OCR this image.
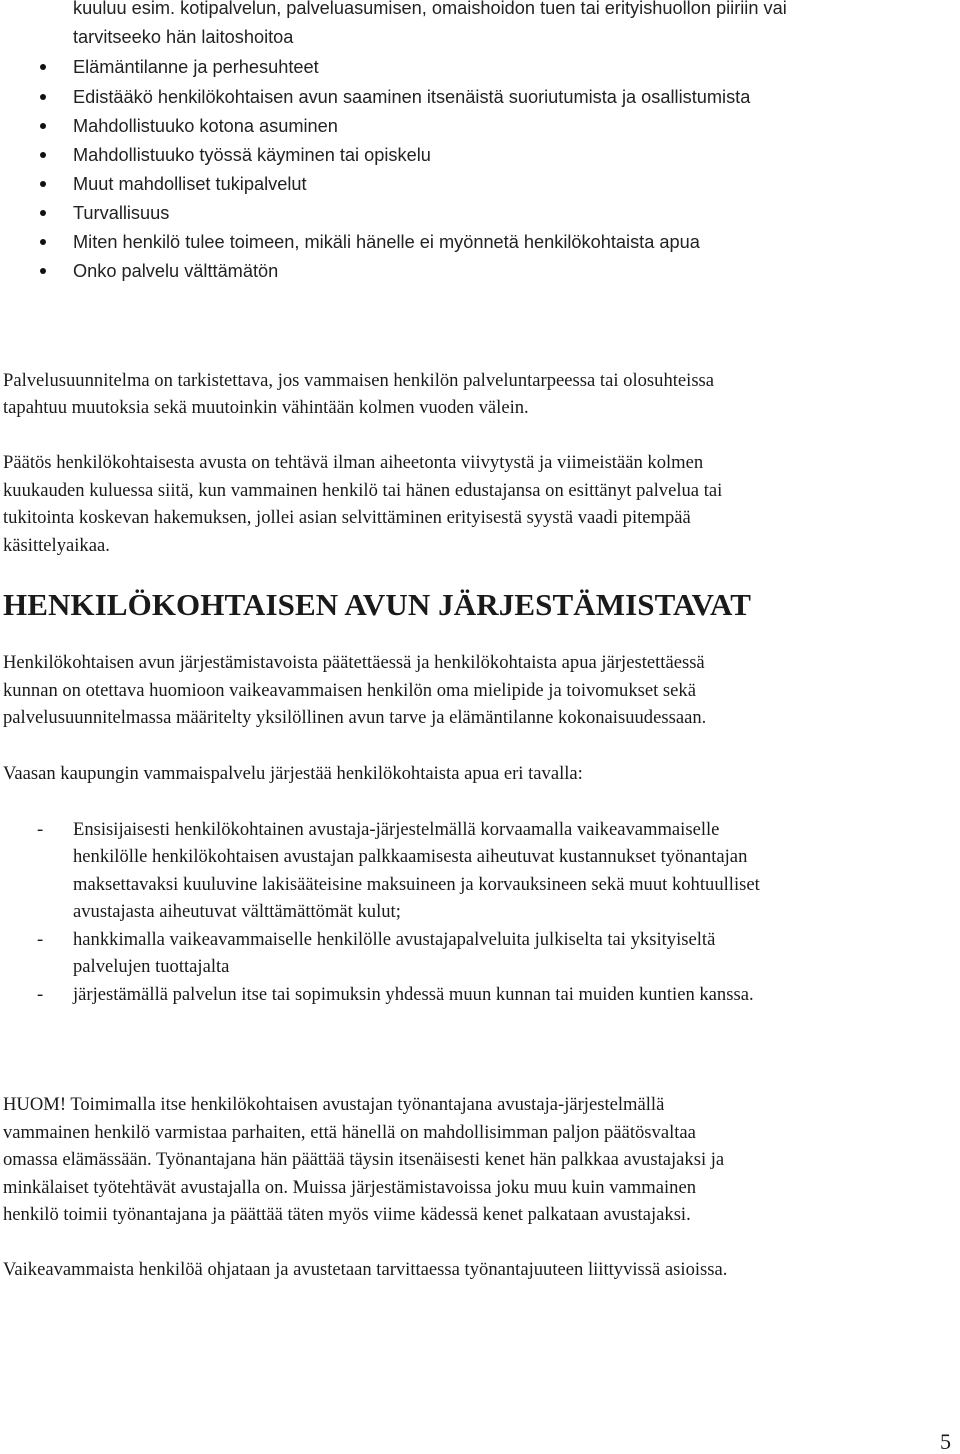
kuuluu esim. kotipalvelun, palveluasumisen, omaishoidon tuen tai erityishuollon piiriin vai
tarvitseeko hän laitoshoitoa
Elämäntilanne ja perhesuhteet
Edistääkö henkilökohtaisen avun saaminen itsenäistä suoriutumista ja osallistumista
Mahdollistuuko kotona asuminen
Mahdollistuuko työssä käyminen tai opiskelu
Muut mahdolliset tukipalvelut
Turvallisuus
Miten henkilö tulee toimeen, mikäli hänelle ei myönnetä henkilökohtaista apua
Onko palvelu välttämätön
Palvelusuunnitelma on tarkistettava, jos vammaisen henkilön palveluntarpeessa tai olosuhteissa
tapahtuu muutoksia sekä muutoinkin vähintään kolmen vuoden välein.
Päätös henkilökohtaisesta avusta on tehtävä ilman aiheetonta viivytystä ja viimeistään kolmen
kuukauden kuluessa siitä, kun vammainen henkilö tai hänen edustajansa on esittänyt palvelua tai
tukitointa koskevan hakemuksen, jollei asian selvittäminen erityisestä syystä vaadi pitempää
käsittelyaikaa.
HENKILÖKOHTAISEN AVUN JÄRJESTÄMISTAVAT
Henkilökohtaisen avun järjestämistavoista päätettäessä ja henkilökohtaista apua järjestettäessä
kunnan on otettava huomioon vaikeavammaisen henkilön oma mielipide ja toivomukset sekä
palvelusuunnitelmassa määritelty yksilöllinen avun tarve ja elämäntilanne kokonaisuudessaan.
Vaasan kaupungin vammaispalvelu järjestää henkilökohtaista apua eri tavalla:
- Ensisijaisesti henkilökohtainen avustaja-järjestelmällä korvaamalla vaikeavammaiselle
henkilölle henkilökohtaisen avustajan palkkaamisesta aiheutuvat kustannukset työnantajan
maksettavaksi kuuluvine lakisääteisine maksuineen ja korvauksineen sekä muut kohtuulliset
avustajasta aiheutuvat välttämättömät kulut;
- hankkimalla vaikeavammaiselle henkilölle avustajapalveluita julkiselta tai yksityiseltä
palvelujen tuottajalta
- järjestämällä palvelun itse tai sopimuksin yhdessä muun kunnan tai muiden kuntien kanssa.
HUOM! Toimimalla itse henkilökohtaisen avustajan työnantajana avustaja-järjestelmällä
vammainen henkilö varmistaa parhaiten, että hänellä on mahdollisimman paljon päätösvaltaa
omassa elämässään. Työnantajana hän päättää täysin itsenäisesti kenet hän palkkaa avustajaksi ja
minkälaiset työtehtävät avustajalla on. Muissa järjestämistavoissa joku muu kuin vammainen
henkilö toimii työnantajana ja päättää täten myös viime kädessä kenet palkataan avustajaksi.
Vaikeavammaista henkilöä ohjataan ja avustetaan tarvittaessa työnantajuuteen liittyvissä asioissa.
5
